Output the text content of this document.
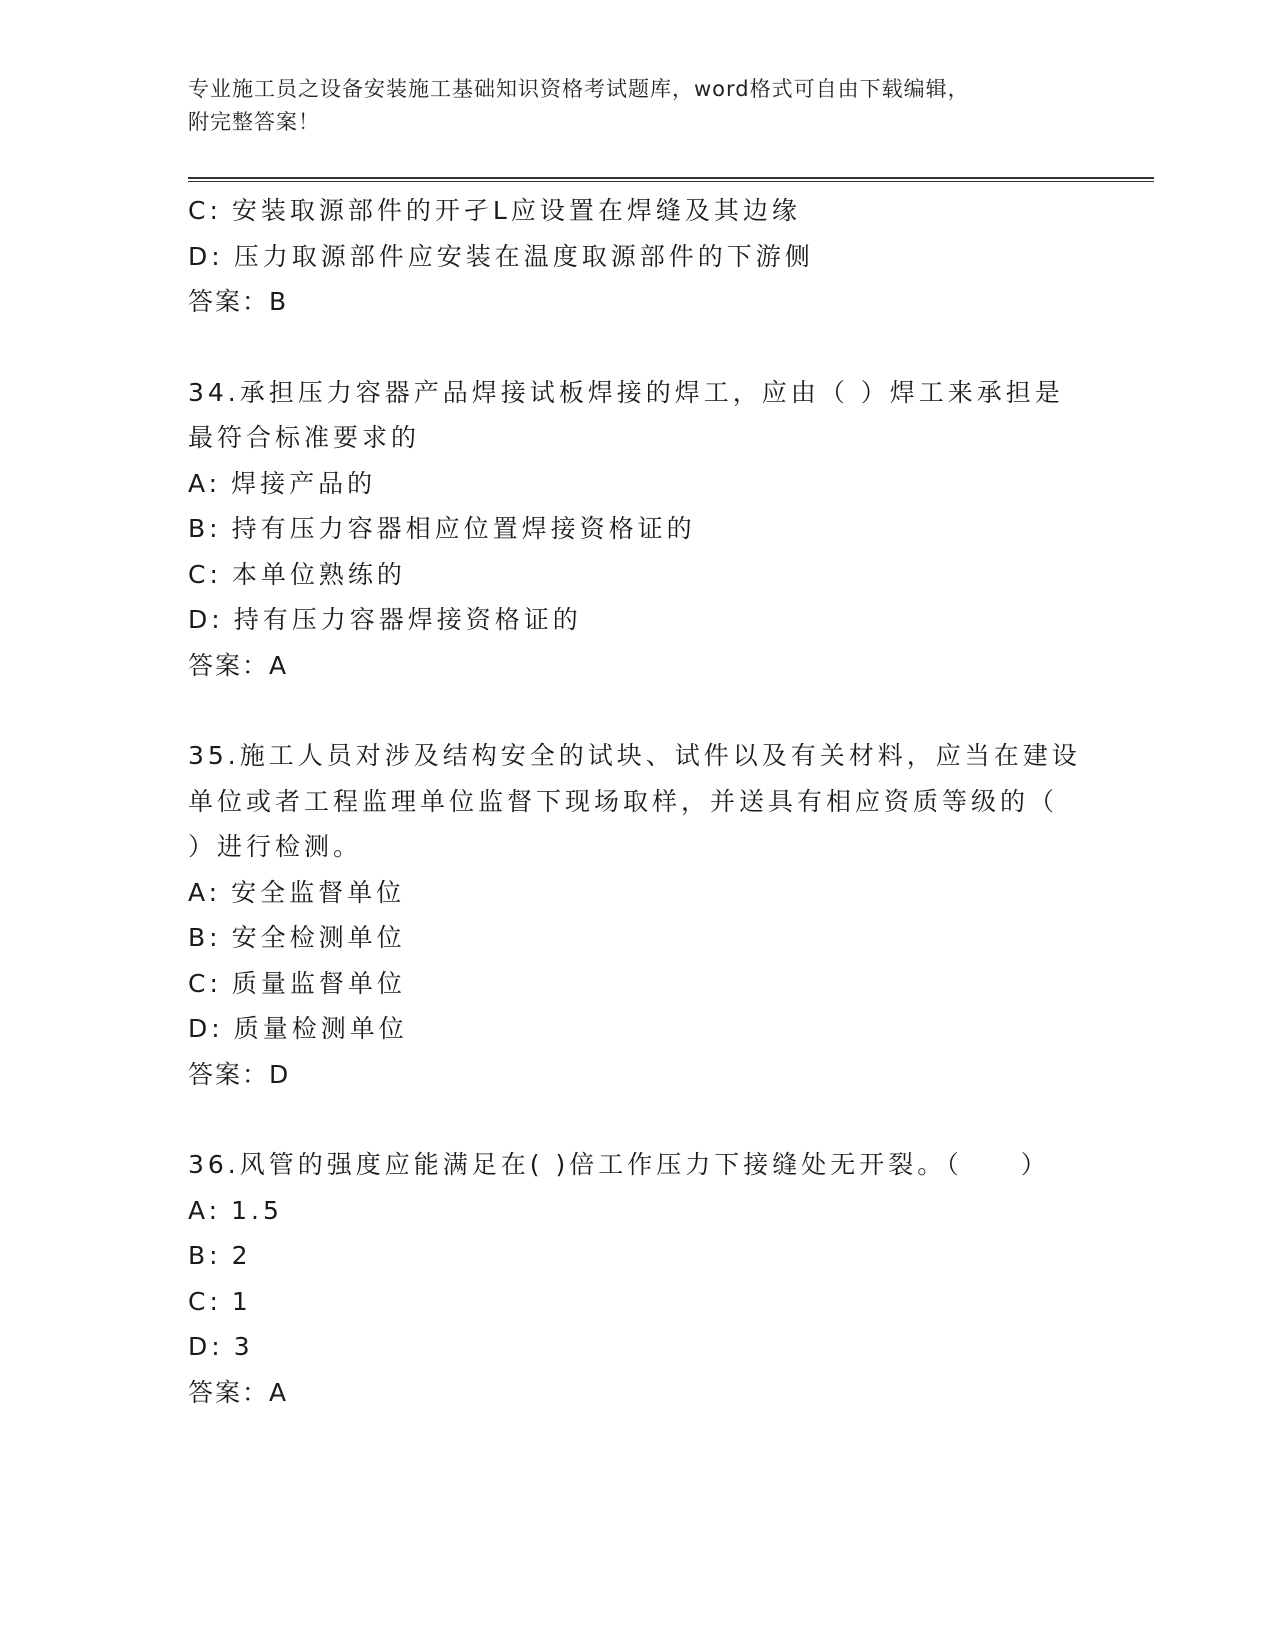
专业施工员之设备安装施工基础知识资格考试题库，word格式可自由下载编辑，
附完整答案！
C: 安装取源部件的开孑L应设置在焊缝及其边缘
D: 压力取源部件应安装在温度取源部件的下游侧
答案：B
34.承担压力容器产品焊接试板焊接的焊工，应由（ ）焊工来承担是
最符合标准要求的
A: 焊接产品的
B: 持有压力容器相应位置焊接资格证的
C: 本单位熟练的
D: 持有压力容器焊接资格证的
答案：A
35.施工人员对涉及结构安全的试块、试件以及有关材料，应当在建设
单位或者工程监理单位监督下现场取样，并送具有相应资质等级的（
）进行检测。
A: 安全监督单位
B: 安全检测单位
C: 质量监督单位
D: 质量检测单位
答案：D
36.风管的强度应能满足在( )倍工作压力下接缝处无开裂。（　　）
A: 1.5
B: 2
C: 1
D: 3
答案：A
